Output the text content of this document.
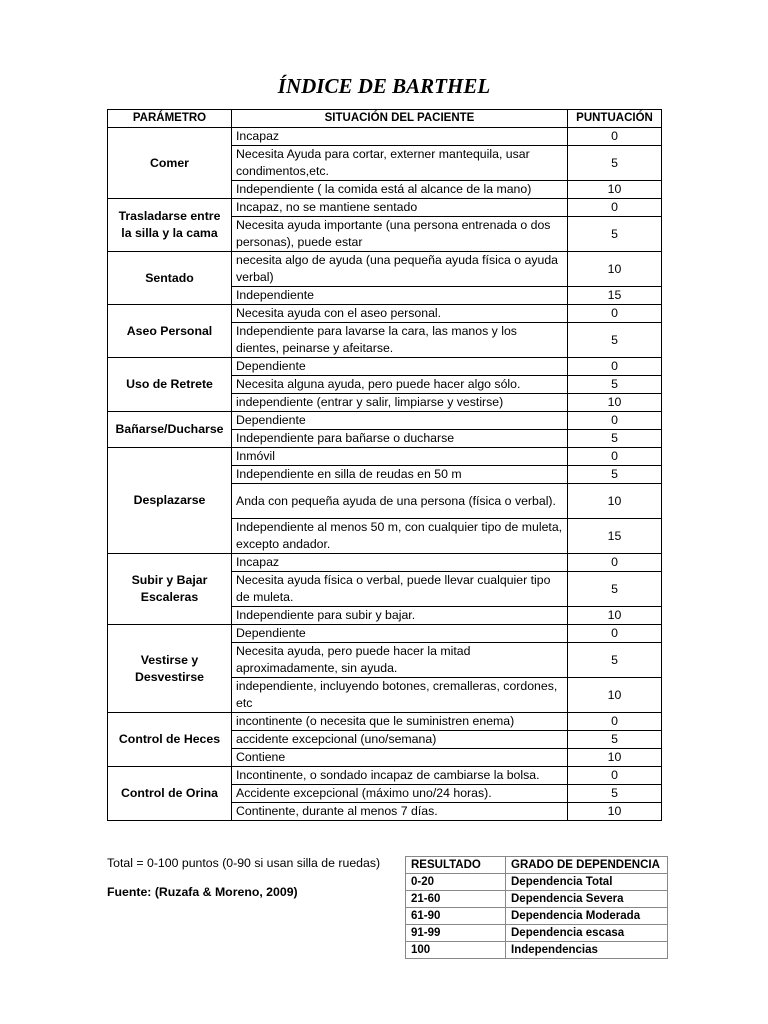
ÍNDICE DE BARTHEL
PARÁMETRO	SITUACIÓN DEL PACIENTE	PUNTUACIÓN
Comer	Incapaz	0
	Necesita Ayuda para cortar, externer mantequila, usar condimentos,etc.	5
	Independiente ( la comida está al alcance de la mano)	10
Trasladarse entre la silla y la cama	Incapaz, no se mantiene sentado	0
	Necesita ayuda importante (una persona entrenada o dos personas), puede estar	5
Sentado	necesita algo de ayuda (una pequeña ayuda física o ayuda verbal)	10
	Independiente	15
Aseo Personal	Necesita ayuda con el aseo personal.	0
	Independiente para lavarse la cara, las manos y los dientes, peinarse y afeitarse.	5
Uso de Retrete	Dependiente	0
	Necesita alguna ayuda, pero puede hacer algo sólo.	5
	independiente (entrar y salir, limpiarse y vestirse)	10
Bañarse/Ducharse	Dependiente	0
	Independiente para bañarse o ducharse	5
Desplazarse	Inmóvil	0
	Independiente en silla de reudas en 50 m	5
	Anda con pequeña ayuda de una persona (física o verbal).	10
	Independiente al menos 50 m, con cualquier tipo de muleta, excepto andador.	15
Subir y Bajar Escaleras	Incapaz	0
	Necesita ayuda física o verbal, puede llevar cualquier tipo de muleta.	5
	Independiente para subir y bajar.	10
Vestirse y Desvestirse	Dependiente	0
	Necesita ayuda, pero puede hacer la mitad aproximadamente, sin ayuda.	5
	independiente, incluyendo botones, cremalleras, cordones, etc	10
Control de Heces	incontinente (o necesita que le suministren enema)	0
	accidente excepcional (uno/semana)	5
	Contiene	10
Control de Orina	Incontinente, o sondado incapaz de cambiarse la bolsa.	0
	Accidente excepcional (máximo uno/24 horas).	5
	Continente, durante al menos 7 días.	10
Total = 0-100 puntos (0-90 si usan silla de ruedas)
Fuente: (Ruzafa & Moreno, 2009)
RESULTADO	GRADO DE DEPENDENCIA
0-20	Dependencia Total
21-60	Dependencia Severa
61-90	Dependencia Moderada
91-99	Dependencia escasa
100	Independencias
